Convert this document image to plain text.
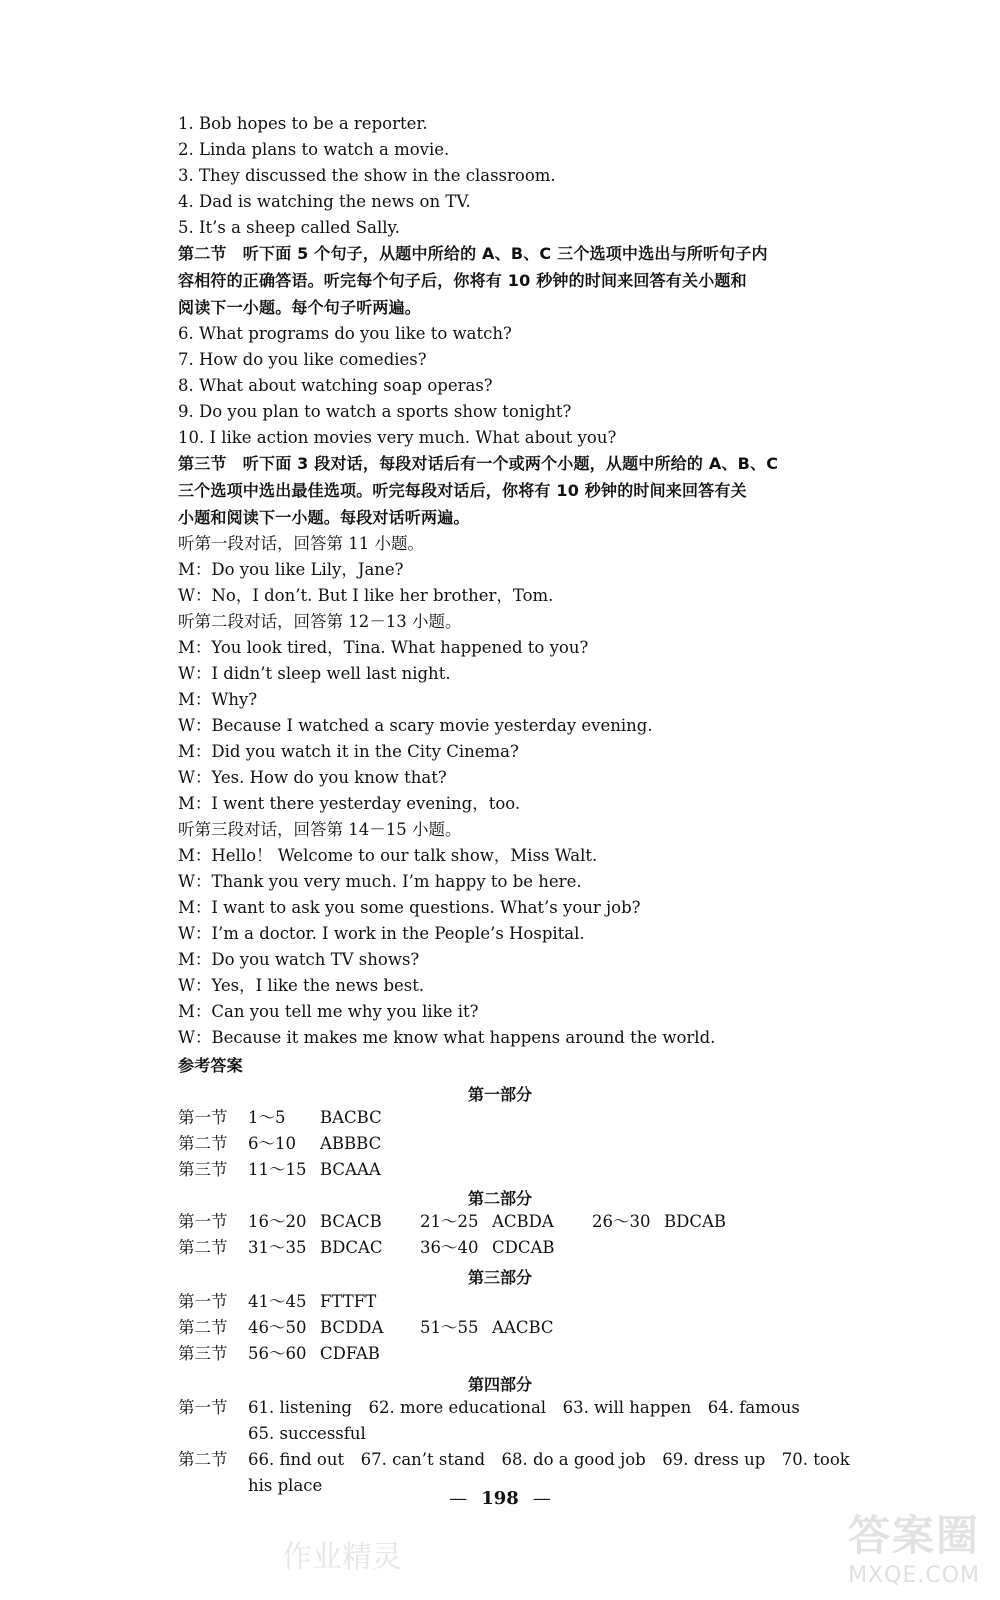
1. Bob hopes to be a reporter.
2. Linda plans to watch a movie.
3. They discussed the show in the classroom.
4. Dad is watching the news on TV.
5. It’s a sheep called Sally.
第二节　听下面 5 个句子，从题中所给的 A、B、C 三个选项中选出与所听句子内
容相符的正确答语。听完每个句子后，你将有 10 秒钟的时间来回答有关小题和
阅读下一小题。每个句子听两遍。
6. What programs do you like to watch?
7. How do you like comedies?
8. What about watching soap operas?
9. Do you plan to watch a sports show tonight?
10. I like action movies very much. What about you?
第三节　听下面 3 段对话，每段对话后有一个或两个小题，从题中所给的 A、B、C
三个选项中选出最佳选项。听完每段对话后，你将有 10 秒钟的时间来回答有关
小题和阅读下一小题。每段对话听两遍。
听第一段对话，回答第 11 小题。
M：Do you like Lily，Jane?
W：No，I don’t. But I like her brother，Tom.
听第二段对话，回答第 12－13 小题。
M：You look tired，Tina. What happened to you?
W：I didn’t sleep well last night.
M：Why?
W：Because I watched a scary movie yesterday evening.
M：Did you watch it in the City Cinema?
W：Yes. How do you know that?
M：I went there yesterday evening，too.
听第三段对话，回答第 14－15 小题。
M：Hello！ Welcome to our talk show，Miss Walt.
W：Thank you very much. I’m happy to be here.
M：I want to ask you some questions. What’s your job?
W：I’m a doctor. I work in the People’s Hospital.
M：Do you watch TV shows?
W：Yes，I like the news best.
M：Can you tell me why you like it?
W：Because it makes me know what happens around the world.
参考答案
第一部分
第一节 1～5 BACBC
第二节 6～10 ABBBC
第三节 11～15 BCAAA
第二部分
第一节 16～20 BCACB 21～25 ACBDA 26～30 BDCAB
第二节 31～35 BDCAC 36～40 CDCAB
第三部分
第一节 41～45 FTTFT
第二节 46～50 BCDDA 51～55 AACBC
第三节 56～60 CDFAB
第四部分
第一节 61. listening　62. more educational　63. will happen　64. famous
65. successful
第二节 66. find out　67. can’t stand　68. do a good job　69. dress up　70. took
his place
— 198 —
作业精灵	答案圈
MXQE.COM
